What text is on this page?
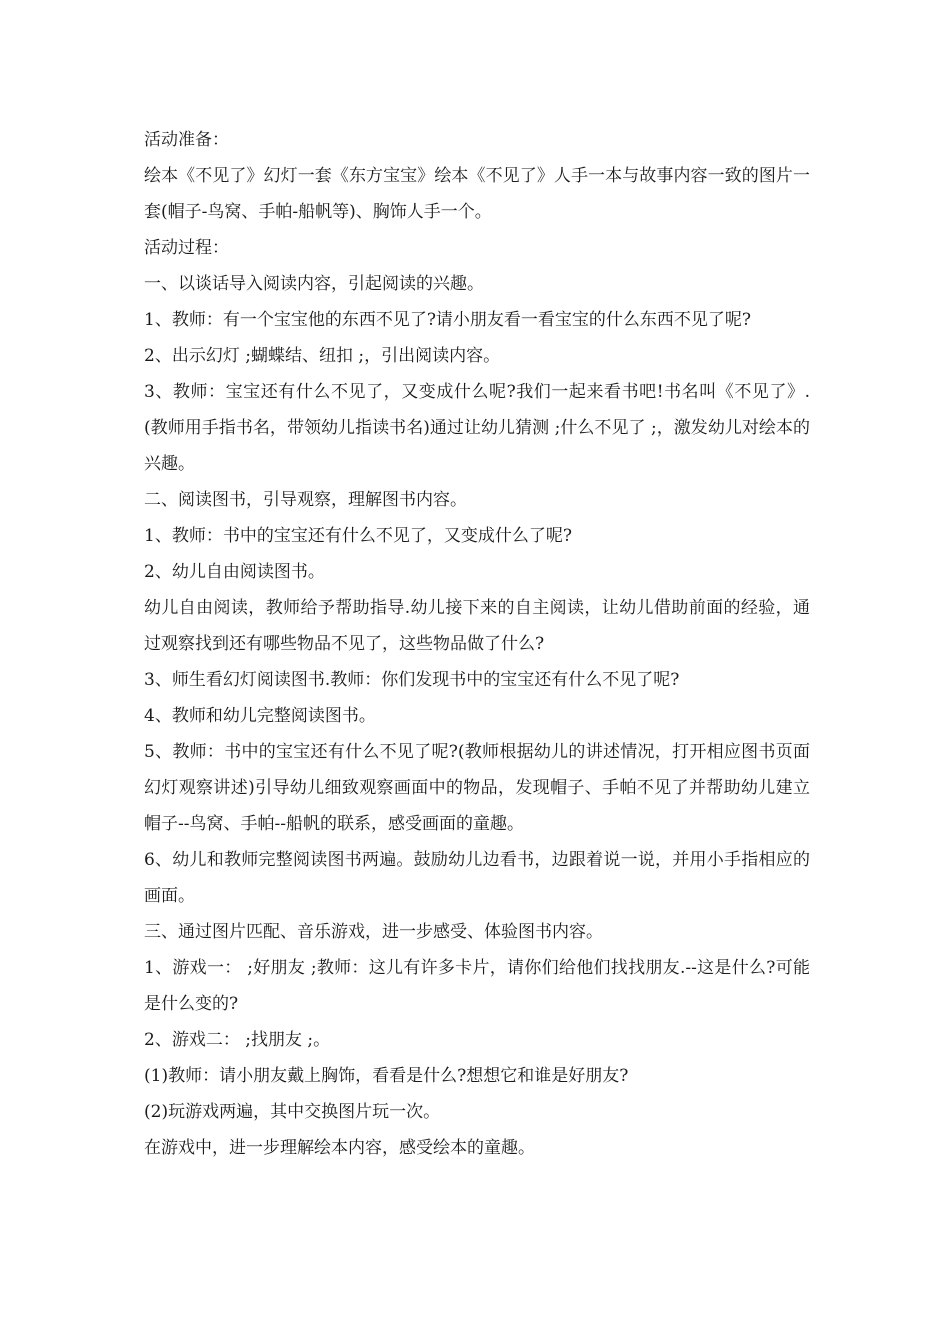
活动准备：

绘本《不见了》幻灯一套《东方宝宝》绘本《不见了》人手一本与故事内容一致的图片一套(帽子-鸟窝、手帕-船帆等)、胸饰人手一个。

活动过程：

一、以谈话导入阅读内容，引起阅读的兴趣。

1、教师：有一个宝宝他的东西不见了?请小朋友看一看宝宝的什么东西不见了呢?

2、出示幻灯 ;蝴蝶结、纽扣 ;，引出阅读内容。

3、教师：宝宝还有什么不见了，又变成什么呢?我们一起来看书吧!书名叫《不见了》.(教师用手指书名，带领幼儿指读书名)通过让幼儿猜测 ;什么不见了 ;，激发幼儿对绘本的兴趣。

二、阅读图书，引导观察，理解图书内容。

1、教师：书中的宝宝还有什么不见了，又变成什么了呢?

2、幼儿自由阅读图书。

幼儿自由阅读，教师给予帮助指导.幼儿接下来的自主阅读，让幼儿借助前面的经验，通过观察找到还有哪些物品不见了，这些物品做了什么?

3、师生看幻灯阅读图书.教师：你们发现书中的宝宝还有什么不见了呢?

4、教师和幼儿完整阅读图书。

5、教师：书中的宝宝还有什么不见了呢?(教师根据幼儿的讲述情况，打开相应图书页面幻灯观察讲述)引导幼儿细致观察画面中的物品，发现帽子、手帕不见了并帮助幼儿建立帽子--鸟窝、手帕--船帆的联系，感受画面的童趣。

6、幼儿和教师完整阅读图书两遍。鼓励幼儿边看书，边跟着说一说，并用小手指相应的画面。

三、通过图片匹配、音乐游戏，进一步感受、体验图书内容。

1、游戏一： ;好朋友 ;教师：这儿有许多卡片，请你们给他们找找朋友.--这是什么?可能是什么变的?

2、游戏二： ;找朋友 ;。

(1)教师：请小朋友戴上胸饰，看看是什么?想想它和谁是好朋友?

(2)玩游戏两遍，其中交换图片玩一次。

在游戏中，进一步理解绘本内容，感受绘本的童趣。
